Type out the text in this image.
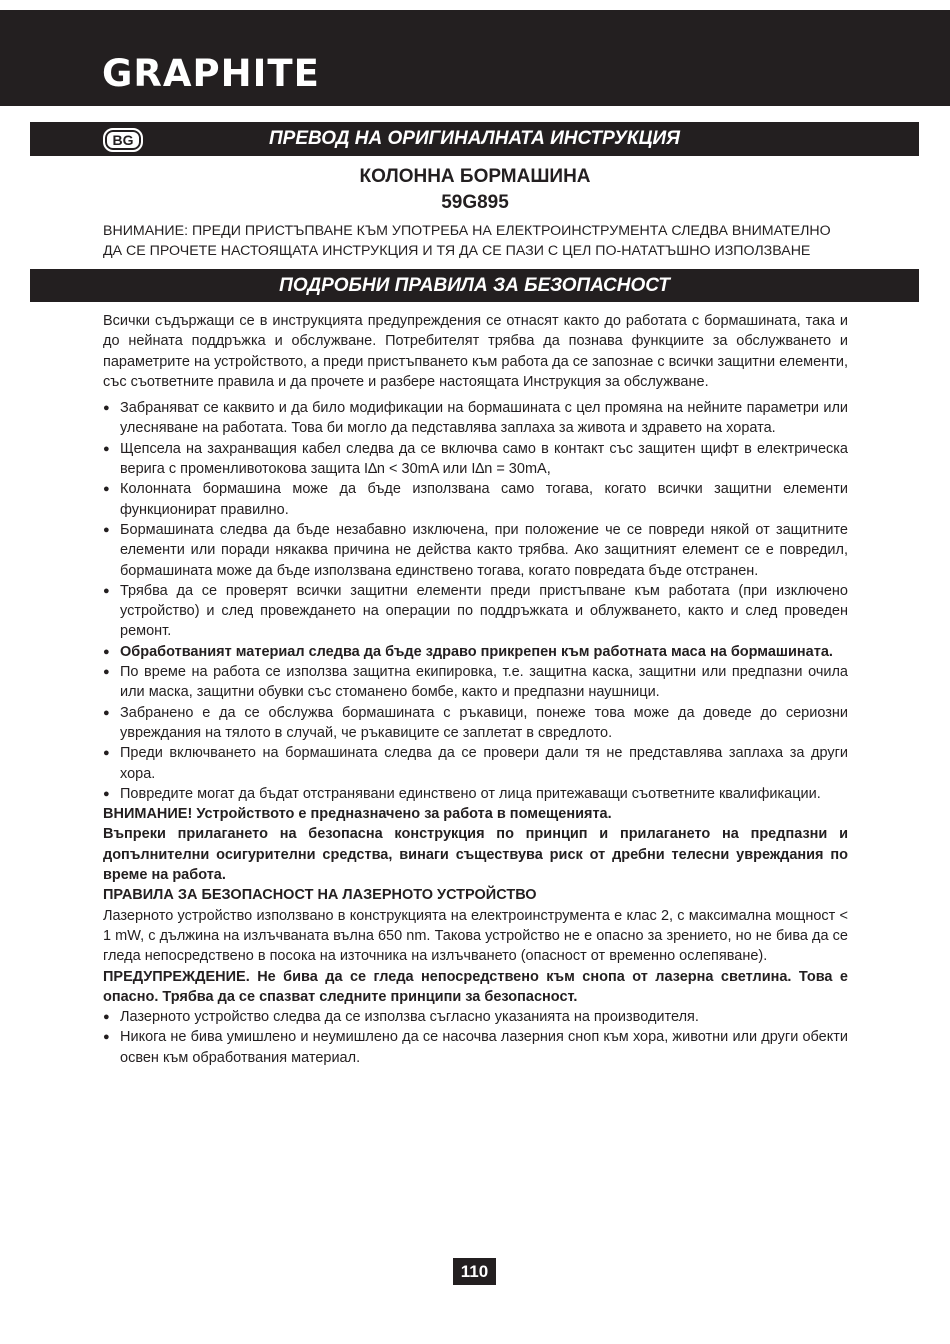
GRAPHITE
BG	ПРЕВОД НА ОРИГИНАЛНАТА ИНСТРУКЦИЯ
КОЛОННА БОРМАШИНА
59G895
ВНИМАНИЕ: ПРЕДИ ПРИСТЪПВАНЕ КЪМ УПОТРЕБА НА ЕЛЕКТРОИНСТРУМЕНТА СЛЕДВА ВНИМАТЕЛНО ДА СЕ ПРОЧЕТЕ НАСТОЯЩАТА ИНСТРУКЦИЯ И ТЯ ДА СЕ ПАЗИ С ЦЕЛ ПО-НАТАТЪШНО ИЗПОЛЗВАНЕ
ПОДРОБНИ ПРАВИЛА ЗА БЕЗОПАСНОСТ

Всички съдържащи се в инструкцията предупреждения се отнасят както до работата с бормашината, така и до нейната поддръжка и обслужване. Потребителят трябва да познава функциите за обслужването и параметрите на устройството, а преди пристъпването към работа да се запознае с всички защитни елементи, със съответните правила и да прочете и разбере настоящата Инструкция за обслужване.

● Забраняват се каквито и да било модификации на бормашината с цел промяна на нейните параметри или улесняване на работата. Това би могло да педставлява заплаха за живота и здравето на хората.
● Щепсела на захранващия кабел следва да се включва само в контакт със защитен щифт в електрическа верига с променливотокова защита I∆n < 30mA или I∆n = 30mA,
● Колонната бормашина може да бъде използвана само тогава, когато всички защитни елементи функционират правилно.
● Бормашината следва да бъде незабавно изключена, при положение че се повреди някой от защитните елементи или поради някаква причина не действа както трябва. Ако защитният елемент се е повредил, бормашината може да бъде използвана единствено тогава, когато повредата бъде отстранен.
● Трябва да се проверят всички защитни елементи преди пристъпване към работата (при изключено устройство) и след провеждането на операции по поддръжката и облужването, както и след проведен ремонт.
● Обработваният материал следва да бъде здраво прикрепен към работната маса на бормашината.
● По време на работа се използва защитна екипировка, т.е. защитна каска, защитни или предпазни очила или маска, защитни обувки със стоманено бомбе, както и предпазни наушници.
● Забранено е да се обслужва бормашината с ръкавици, понеже това може да доведе до сериозни увреждания на тялото в случай, че ръкавиците се заплетат в свредлото.
● Преди включването на бормашината следва да се провери дали тя не представлява заплаха за други хора.
● Повредите могат да бъдат отстранявани единствено от лица притежаващи съответните квалификации.

ВНИМАНИЕ! Устройството е предназначено за работа в помещенията.

Въпреки прилагането на безопасна конструкция по принцип и прилагането на предпазни и допълнителни осигурителни средства, винаги съществува риск от дребни телесни увреждания по време на работа.

ПРАВИЛА ЗА БЕЗОПАСНОСТ НА ЛАЗЕРНОТО УСТРОЙСТВО

Лазерното устройство използвано в конструкцията на електроинструмента е клас 2, с максимална мощност < 1 mW, с дължина на излъчваната вълна 650 nm. Такова устройство не е опасно за зрението, но не бива да се гледа непосредствено в посока на източника на излъчването (опасност от временно ослепяване).

ПРЕДУПРЕЖДЕНИЕ. Не бива да се гледа непосредствено към снопа от лазерна светлина. Това е опасно. Трябва да се спазват следните принципи за безопасност.

● Лазерното устройство следва да се използва съгласно указанията на производителя.
● Никога не бива умишлено и неумишлено да се насочва лазерния сноп към хора, животни или други обекти освен към обработвания материал.
110
